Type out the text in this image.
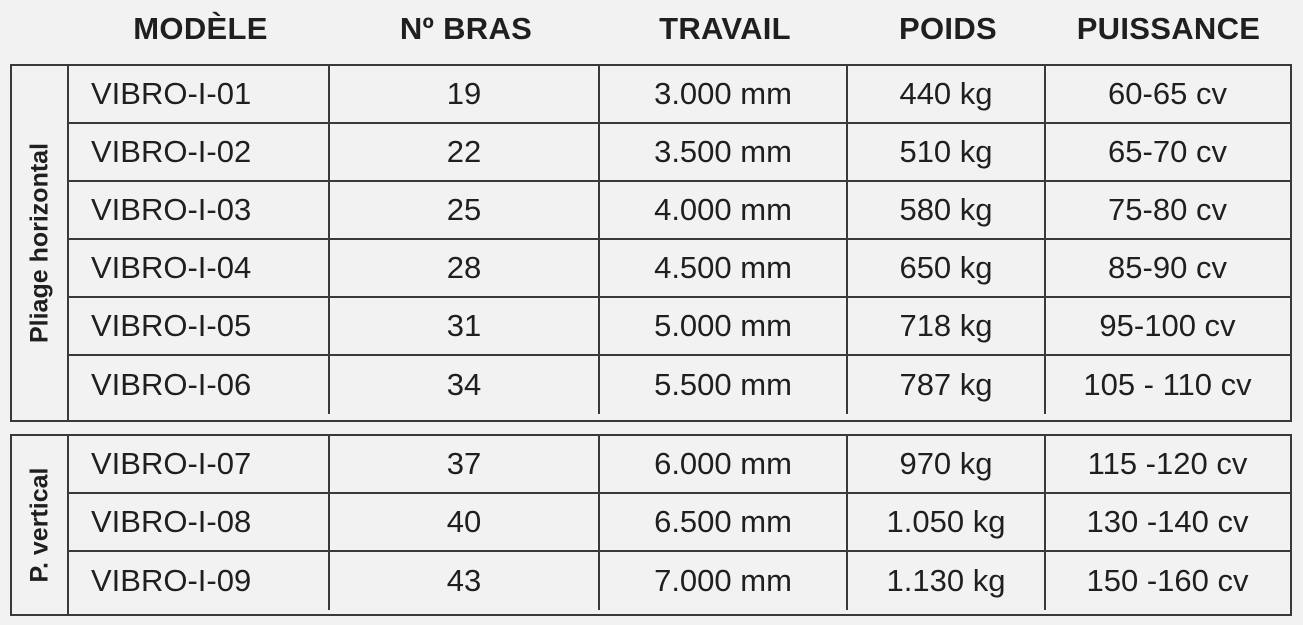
MODÈLE	Nº BRAS	TRAVAIL	POIDS	PUISSANCE
Pliage horizontal
VIBRO-I-01	19	3.000 mm	440 kg	60-65 cv
VIBRO-I-02	22	3.500 mm	510 kg	65-70 cv
VIBRO-I-03	25	4.000 mm	580 kg	75-80 cv
VIBRO-I-04	28	4.500 mm	650 kg	85-90 cv
VIBRO-I-05	31	5.000 mm	718 kg	95-100 cv
VIBRO-I-06	34	5.500 mm	787 kg	105 - 110 cv
P. vertical
VIBRO-I-07	37	6.000 mm	970 kg	115 -120 cv
VIBRO-I-08	40	6.500 mm	1.050 kg	130 -140 cv
VIBRO-I-09	43	7.000 mm	1.130 kg	150 -160 cv
